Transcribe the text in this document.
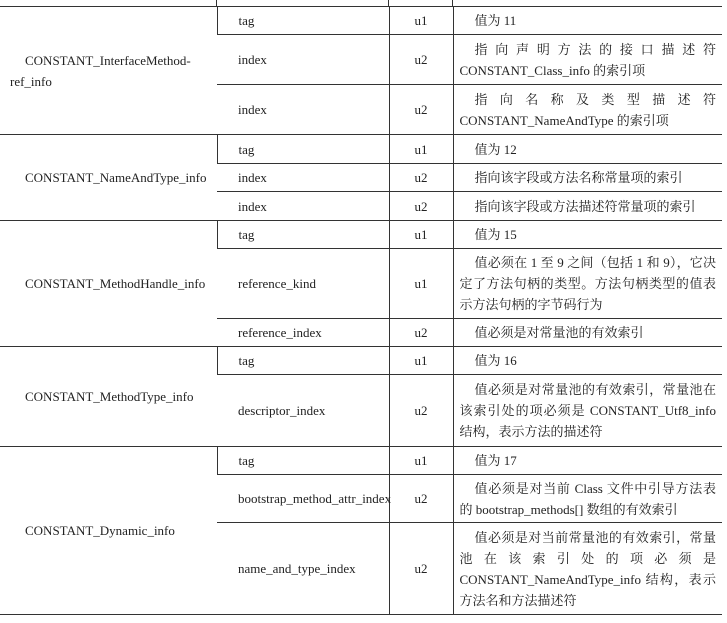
CONSTANT_InterfaceMethod-ref_info	tag	u1	值为 11
	index	u2	指向声明方法的接口描述符 CONSTANT_Class_info 的索引项
	index	u2	指向名称及类型描述符 CONSTANT_NameAndType 的索引项
CONSTANT_NameAndType_info	tag	u1	值为 12
	index	u2	指向该字段或方法名称常量项的索引
	index	u2	指向该字段或方法描述符常量项的索引
CONSTANT_MethodHandle_info	tag	u1	值为 15
	reference_kind	u1	值必须在 1 至 9 之间（包括 1 和 9），它决定了方法句柄的类型。方法句柄类型的值表示方法句柄的字节码行为
	reference_index	u2	值必须是对常量池的有效索引
CONSTANT_MethodType_info	tag	u1	值为 16
	descriptor_index	u2	值必须是对常量池的有效索引，常量池在该索引处的项必须是 CONSTANT_Utf8_info 结构，表示方法的描述符
CONSTANT_Dynamic_info	tag	u1	值为 17
	bootstrap_method_attr_index	u2	值必须是对当前 Class 文件中引导方法表的 bootstrap_methods[] 数组的有效索引
	name_and_type_index	u2	值必须是对当前常量池的有效索引，常量池在该索引处的项必须是 CONSTANT_NameAndType_info 结构，表示方法名和方法描述符
